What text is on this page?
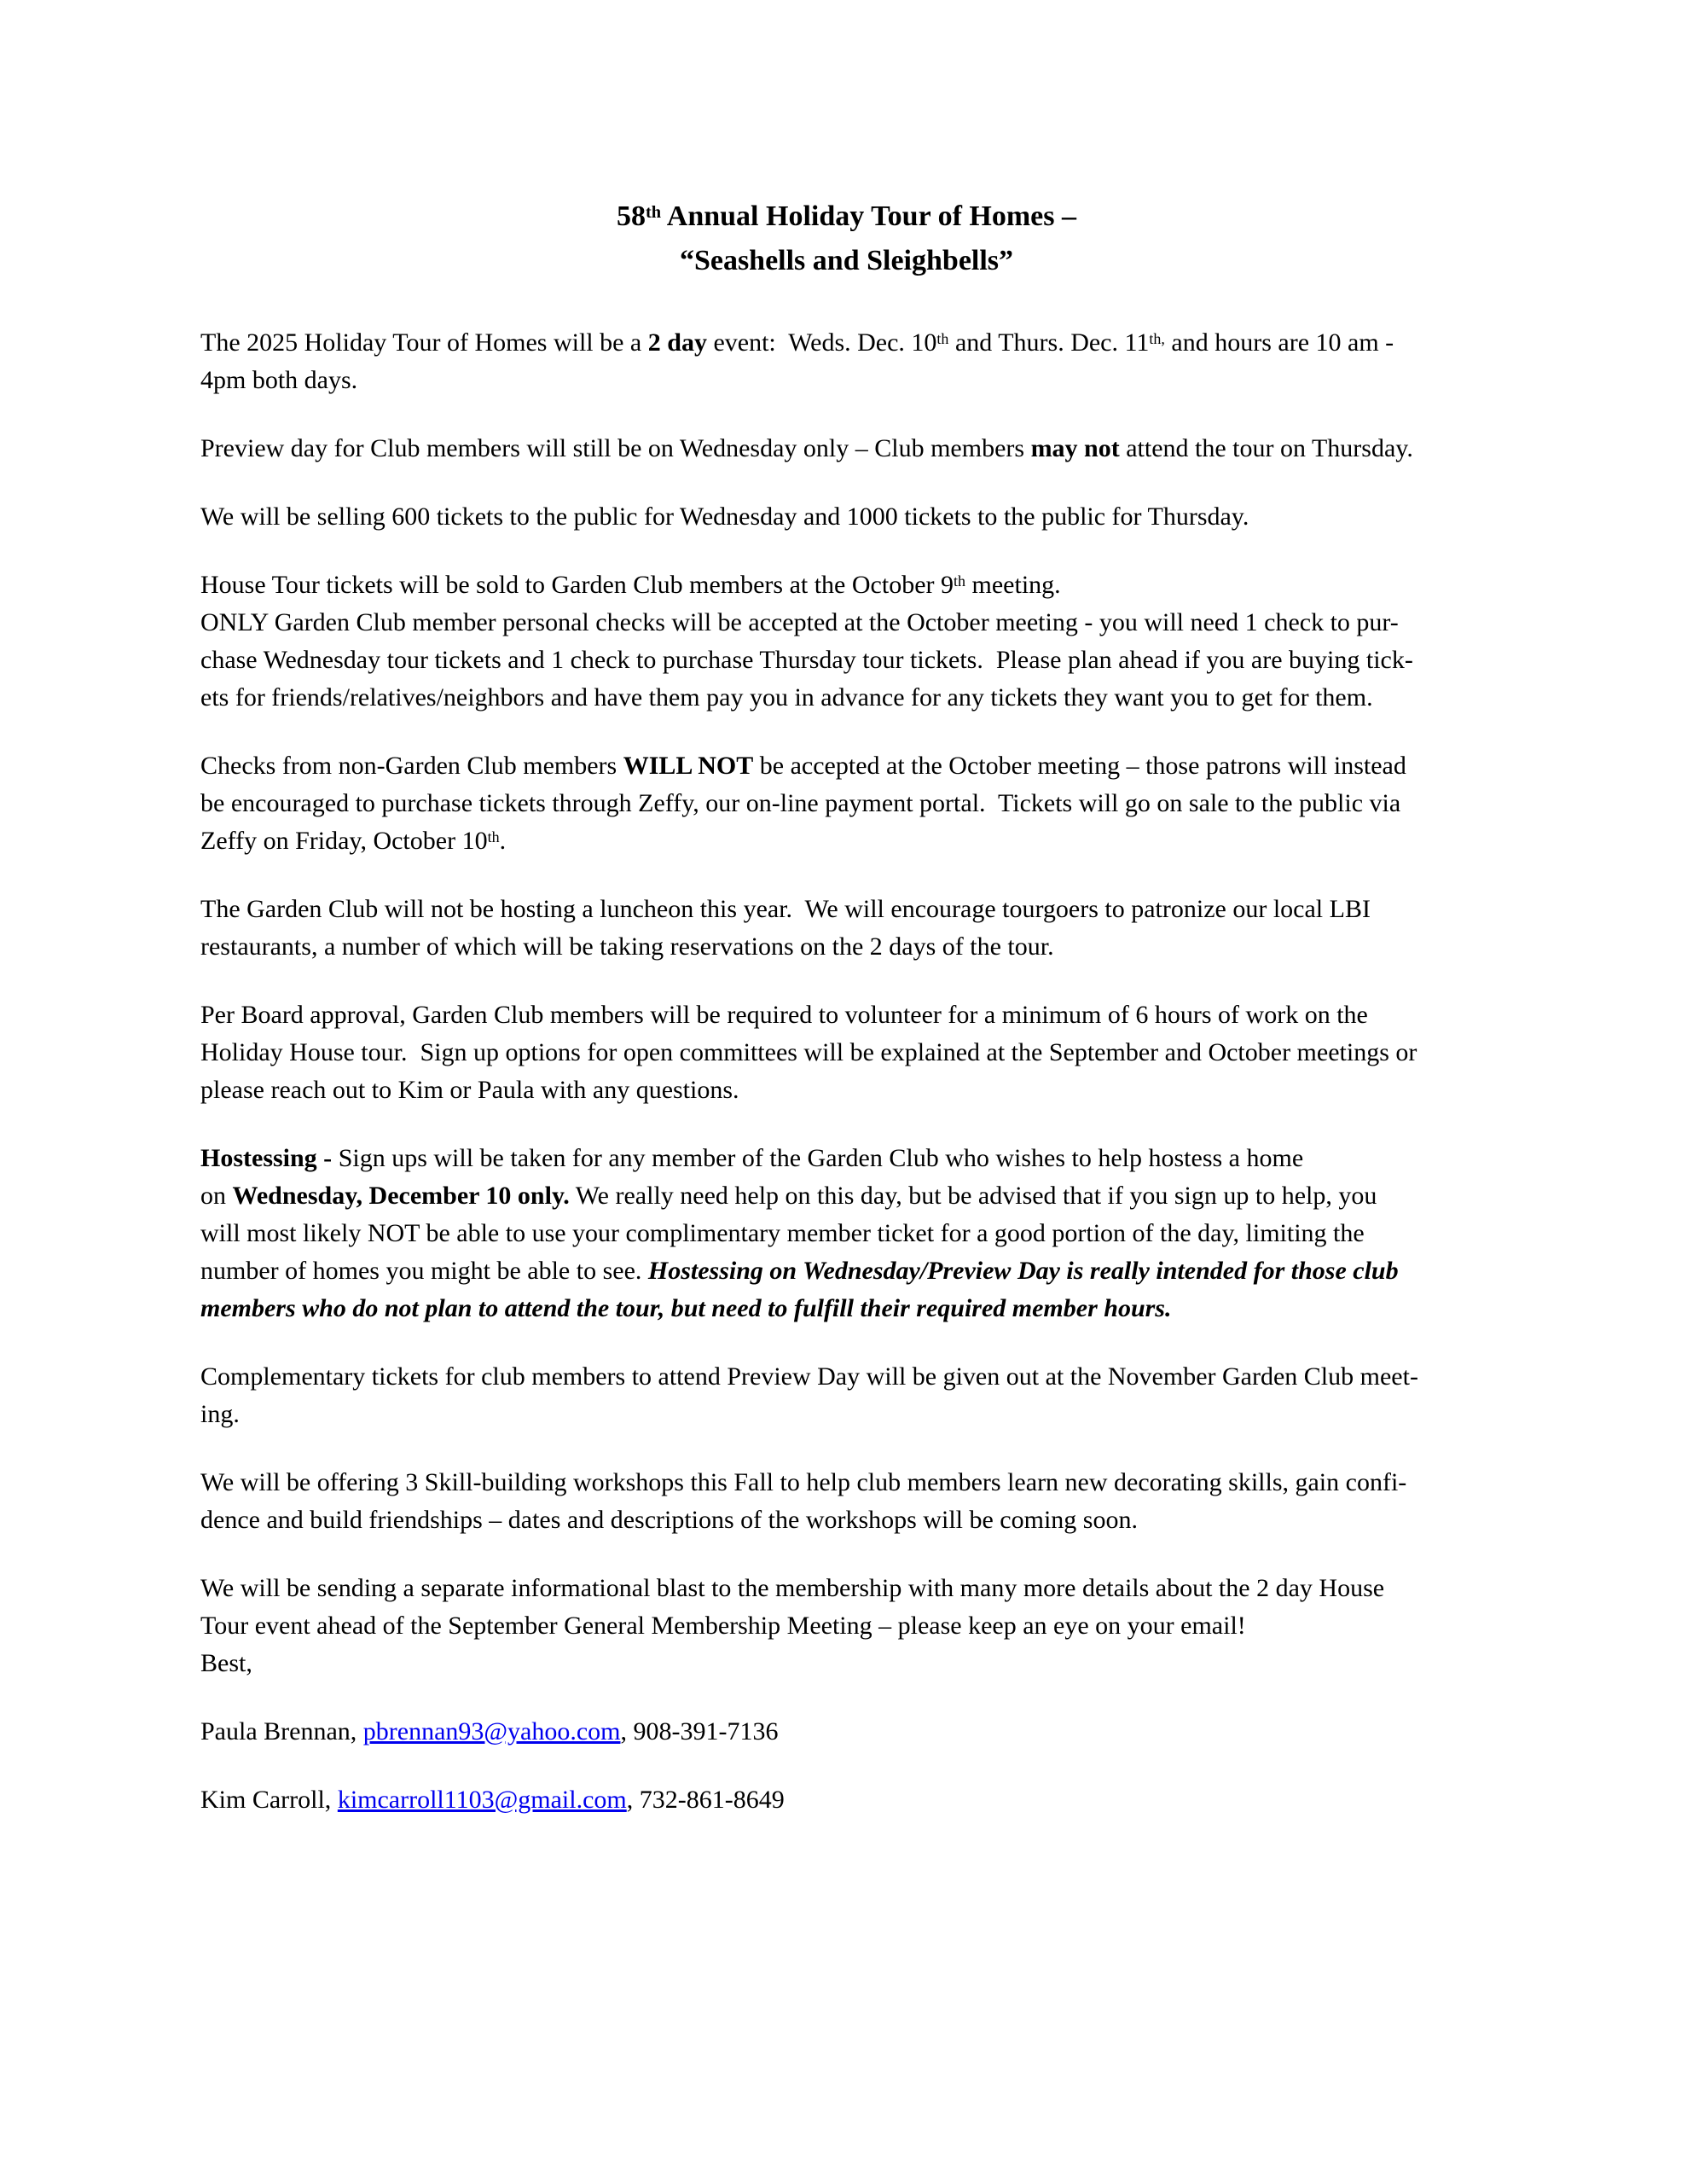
58th Annual Holiday Tour of Homes –
“Seashells and Sleighbells”
The 2025 Holiday Tour of Homes will be a 2 day event:  Weds. Dec. 10th and Thurs. Dec. $11^{th,}$ and hours are 10 am -
4pm both days.
Preview day for Club members will still be on Wednesday only – Club members may not attend the tour on Thursday.
We will be selling 600 tickets to the public for Wednesday and 1000 tickets to the public for Thursday.
House Tour tickets will be sold to Garden Club members at the October 9th meeting.
ONLY Garden Club member personal checks will be accepted at the October meeting - you will need 1 check to pur-
chase Wednesday tour tickets and 1 check to purchase Thursday tour tickets.  Please plan ahead if you are buying tick-
ets for friends/relatives/neighbors and have them pay you in advance for any tickets they want you to get for them.
Checks from non-Garden Club members WILL NOT be accepted at the October meeting – those patrons will instead
be encouraged to purchase tickets through Zeffy, our on-line payment portal.  Tickets will go on sale to the public via
Zeffy on Friday, October 10th.
The Garden Club will not be hosting a luncheon this year.  We will encourage tourgoers to patronize our local LBI
restaurants, a number of which will be taking reservations on the 2 days of the tour.
Per Board approval, Garden Club members will be required to volunteer for a minimum of 6 hours of work on the
Holiday House tour.  Sign up options for open committees will be explained at the September and October meetings or
please reach out to Kim or Paula with any questions.
Hostessing - Sign ups will be taken for any member of the Garden Club who wishes to help hostess a home
on Wednesday, December 10 only. We really need help on this day, but be advised that if you sign up to help, you
will most likely NOT be able to use your complimentary member ticket for a good portion of the day, limiting the
number of homes you might be able to see. Hostessing on Wednesday/Preview Day is really intended for those club
members who do not plan to attend the tour, but need to fulfill their required member hours.
Complementary tickets for club members to attend Preview Day will be given out at the November Garden Club meet-
ing.
We will be offering 3 Skill-building workshops this Fall to help club members learn new decorating skills, gain confi-
dence and build friendships – dates and descriptions of the workshops will be coming soon.
We will be sending a separate informational blast to the membership with many more details about the 2 day House
Tour event ahead of the September General Membership Meeting – please keep an eye on your email!
Best,
Paula Brennan, pbrennan93@yahoo.com, 908-391-7136
Kim Carroll, kimcarroll1103@gmail.com, 732-861-8649
